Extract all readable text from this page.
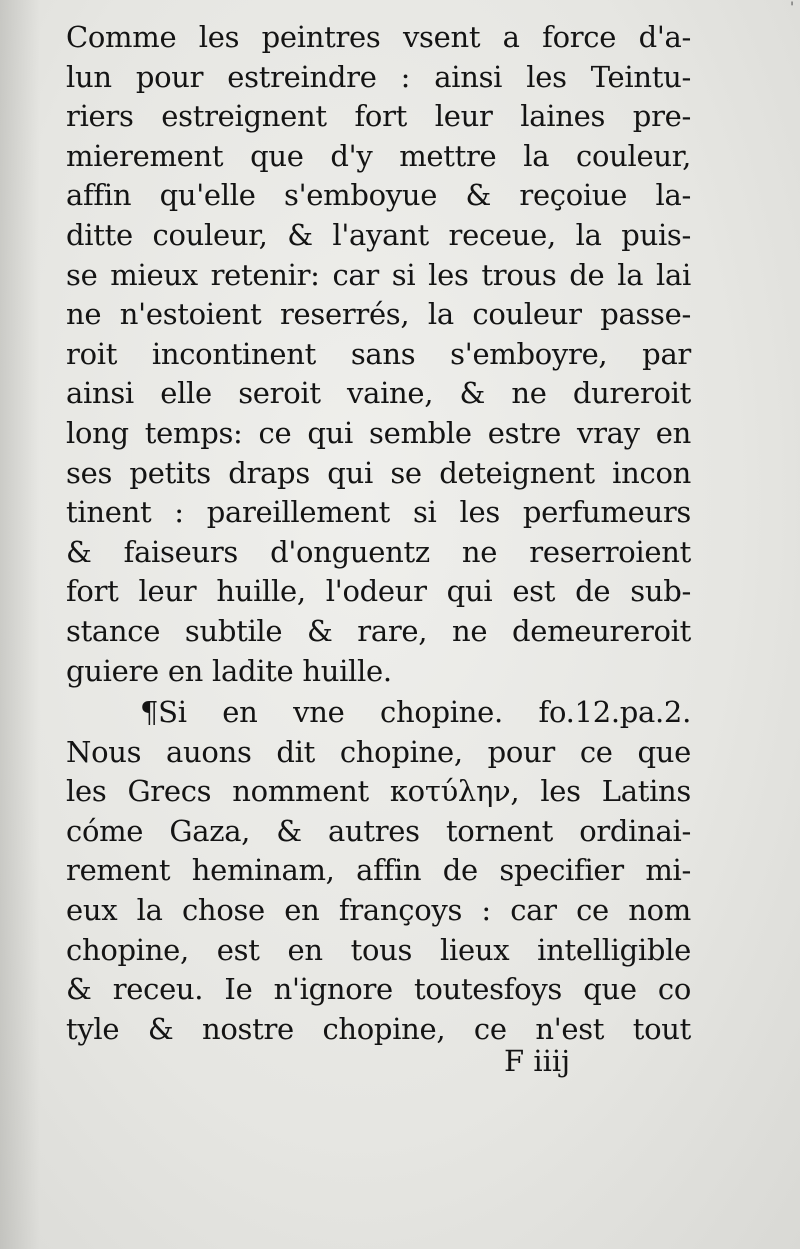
'
Comme les peintres vsent a force d'a-
lun pour estreindre : ainsi les Teintu-
riers estreignent fort leur laines pre-
mierement que d'y mettre la couleur,
affin qu'elle s'emboyue & reçoiue la-
ditte couleur, & l'ayant receue, la puis-
se mieux retenir: car si les trous de la lai
ne n'estoient reserrés, la couleur passe-
roit incontinent sans s'emboyre, par
ainsi elle seroit vaine, & ne dureroit
long temps: ce qui semble estre vray en
ses petits draps qui se deteignent incon
tinent : pareillement si les perfumeurs
& faiseurs d'onguentz ne reserroient
fort leur huille, l'odeur qui est de sub-
stance subtile & rare, ne demeureroit
guiere en ladite huille.
¶Si en vne chopine. fo.12.pa.2.
Nous auons dit chopine, pour ce que
les Grecs nomment κοτύλην, les Latins
cóme Gaza, & autres tornent ordinai-
rement heminam, affin de specifier mi-
eux la chose en françoys : car ce nom
chopine, est en tous lieux intelligible
& receu. Ie n'ignore toutesfoys que co
tyle & nostre chopine, ce n'est tout
F iiij
